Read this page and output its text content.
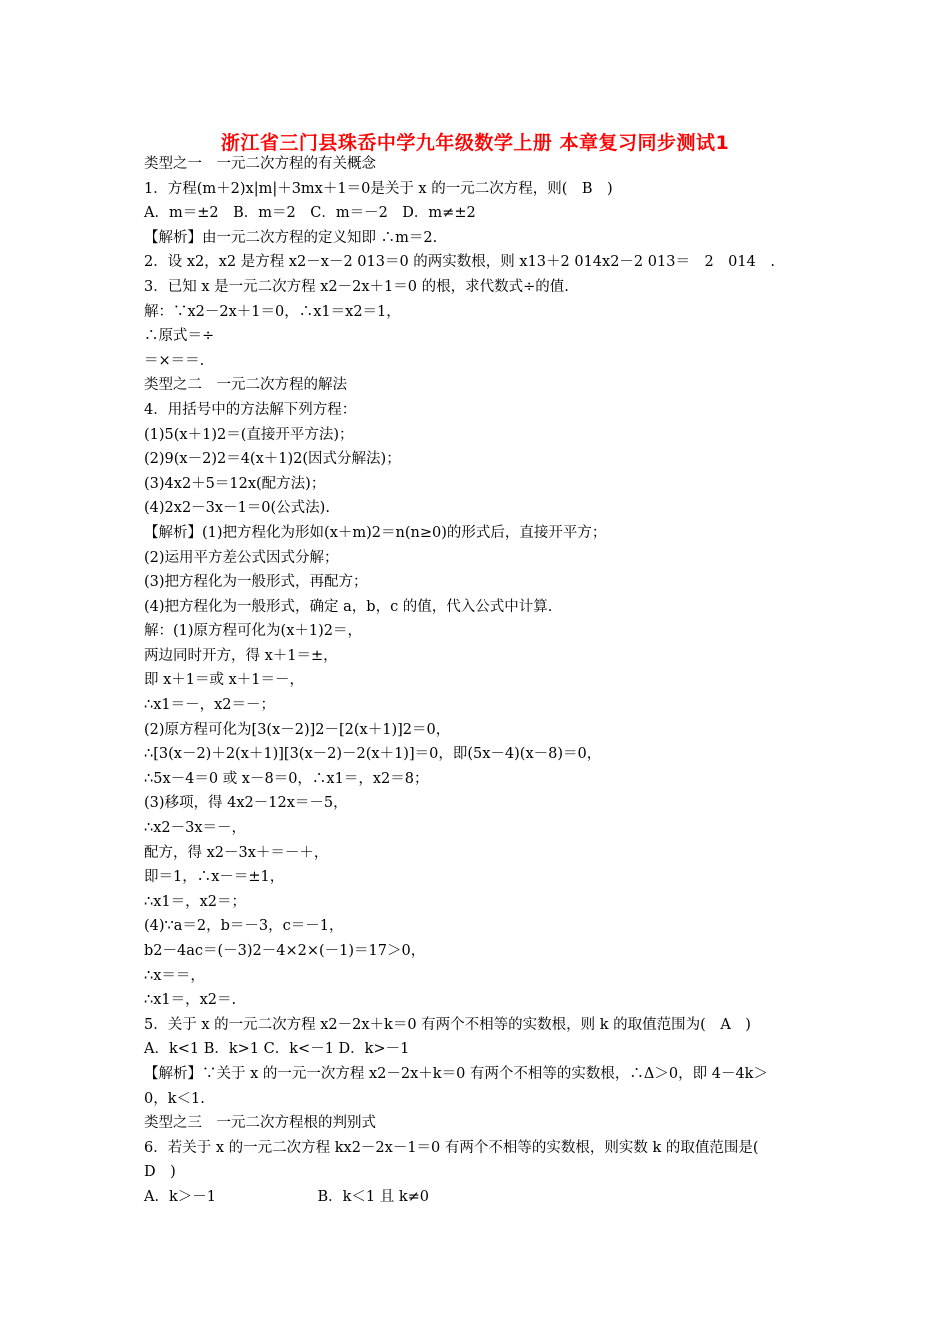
浙江省三门县珠岙中学九年级数学上册 本章复习同步测试1
类型之一　一元二次方程的有关概念
1．方程(m＋2)x|m|＋3mx＋1＝0是关于 x 的一元二次方程，则(　B　)
A．m＝±2　B．m＝2　C．m＝－2　D．m≠±2
【解析】由一元二次方程的定义知即 ∴m＝2.
2．设 x2，x2 是方程 x2－x－2 013＝0 的两实数根，则 x13＋2 014x2－2 013＝　2　014　.
3．已知 x 是一元二次方程 x2－2x＋1＝0 的根，求代数式÷的值.
解：∵x2－2x＋1＝0，∴x1＝x2＝1，
∴原式＝÷
＝×＝＝.
类型之二　一元二次方程的解法
4．用括号中的方法解下列方程：
(1)5(x＋1)2＝(直接开平方法)；
(2)9(x－2)2＝4(x＋1)2(因式分解法)；
(3)4x2＋5＝12x(配方法)；
(4)2x2－3x－1＝0(公式法).
【解析】(1)把方程化为形如(x＋m)2＝n(n≥0)的形式后，直接开平方；
(2)运用平方差公式因式分解；
(3)把方程化为一般形式，再配方；
(4)把方程化为一般形式，确定 a，b，c 的值，代入公式中计算.
解：(1)原方程可化为(x＋1)2＝，
两边同时开方，得 x＋1＝±，
即 x＋1＝或 x＋1＝－，
∴x1＝－，x2＝－；
(2)原方程可化为[3(x－2)]2－[2(x＋1)]2＝0，
∴[3(x－2)＋2(x＋1)][3(x－2)－2(x＋1)]＝0，即(5x－4)(x－8)＝0，
∴5x－4＝0 或 x－8＝0，∴x1＝，x2＝8；
(3)移项，得 4x2－12x＝－5，
∴x2－3x＝－，
配方，得 x2－3x＋＝－＋，
即＝1，∴x－＝±1，
∴x1＝，x2＝；
(4)∵a＝2，b＝－3，c＝－1，
b2－4ac＝(－3)2－4×2×(－1)＝17＞0，
∴x＝＝，
∴x1＝，x2＝.
5．关于 x 的一元二次方程 x2－2x＋k＝0 有两个不相等的实数根，则 k 的取值范围为(　A　)
A．k<1 B．k>1 C．k<－1 D．k>－1
【解析】∵关于 x 的一元一次方程 x2－2x＋k＝0 有两个不相等的实数根，∴Δ＞0，即 4－4k＞
0，k＜1.
类型之三　一元二次方程根的判别式
6．若关于 x 的一元二次方程 kx2－2x－1＝0 有两个不相等的实数根，则实数 k 的取值范围是(
D　)
A．k＞－1　　　　　　　B．k＜1 且 k≠0
